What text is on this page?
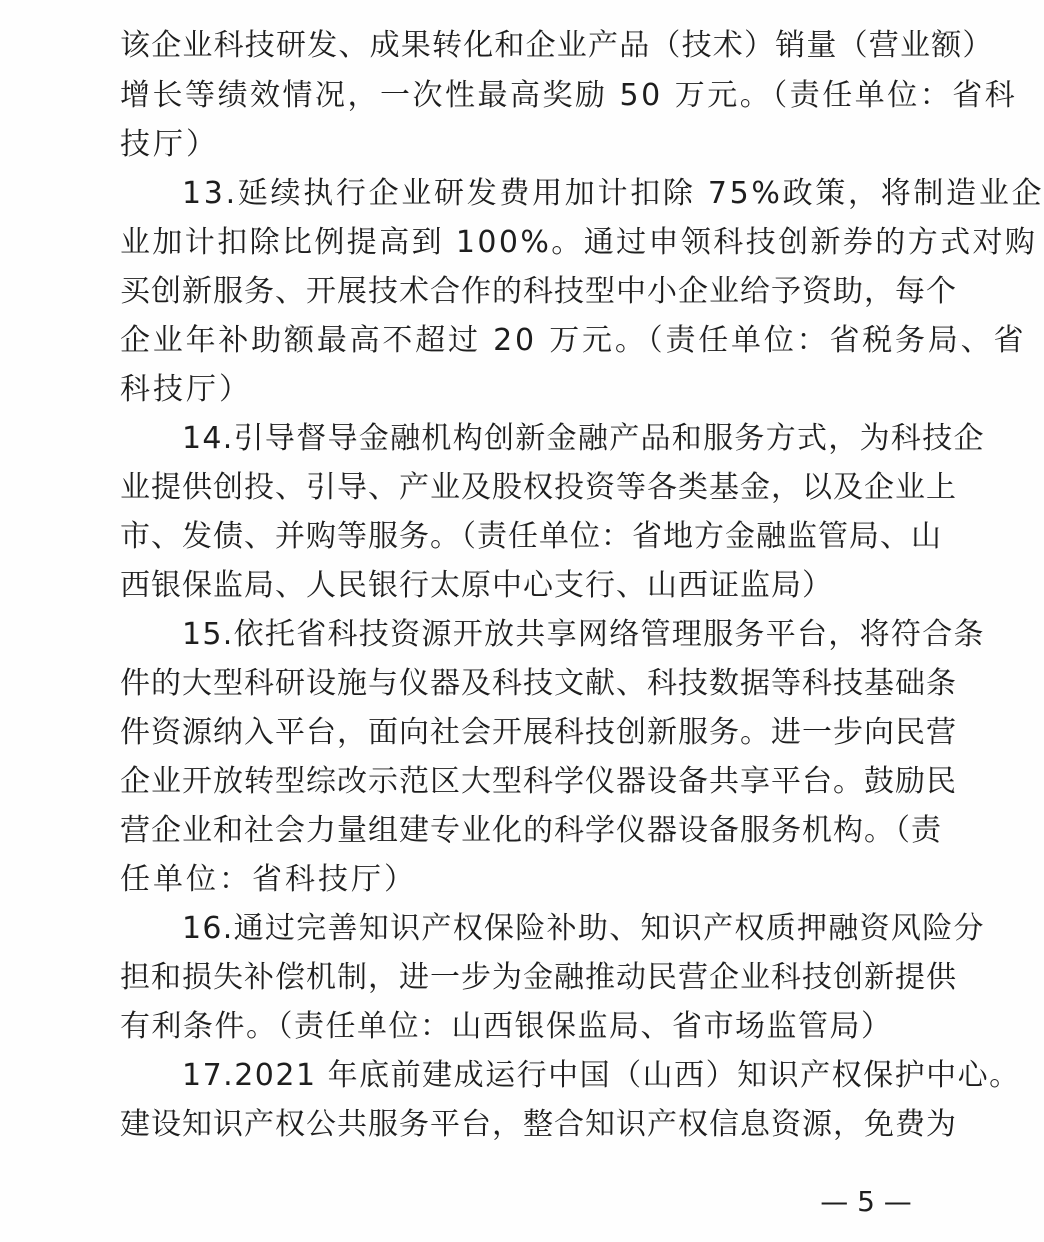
该企业科技研发、成果转化和企业产品（技术）销量（营业额）
增长等绩效情况，一次性最高奖励 50 万元。（责任单位：省科
技厅）
13.延续执行企业研发费用加计扣除 75%政策，将制造业企
业加计扣除比例提高到 100%。通过申领科技创新券的方式对购
买创新服务、开展技术合作的科技型中小企业给予资助，每个
企业年补助额最高不超过 20 万元。（责任单位：省税务局、省
科技厅）
14.引导督导金融机构创新金融产品和服务方式，为科技企
业提供创投、引导、产业及股权投资等各类基金，以及企业上
市、发债、并购等服务。（责任单位：省地方金融监管局、山
西银保监局、人民银行太原中心支行、山西证监局）
15.依托省科技资源开放共享网络管理服务平台，将符合条
件的大型科研设施与仪器及科技文献、科技数据等科技基础条
件资源纳入平台，面向社会开展科技创新服务。进一步向民营
企业开放转型综改示范区大型科学仪器设备共享平台。鼓励民
营企业和社会力量组建专业化的科学仪器设备服务机构。（责
任单位：省科技厅）
16.通过完善知识产权保险补助、知识产权质押融资风险分
担和损失补偿机制，进一步为金融推动民营企业科技创新提供
有利条件。（责任单位：山西银保监局、省市场监管局）
17.2021 年底前建成运行中国（山西）知识产权保护中心。
建设知识产权公共服务平台，整合知识产权信息资源，免费为
— 5 —
